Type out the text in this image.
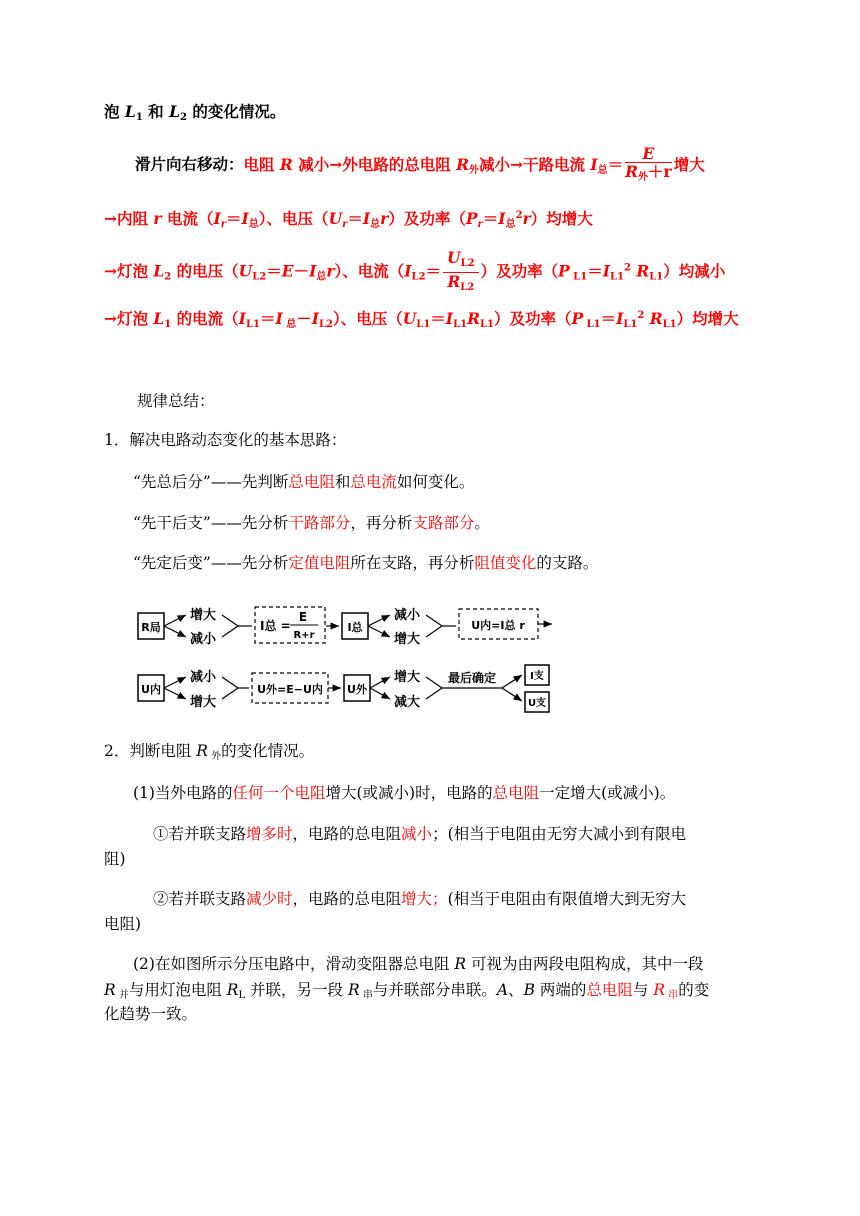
泡 $L_1$ 和 $L_2$ 的变化情况。
滑片向右移动：电阻 R 减小→外电路的总电阻 $R_外$减小→干路电流 $I_总= \frac{E}{R_外+r}$ 增大
→内阻 r 电流$(I_r=I_总)$、电压$(U_r=I_总r)$及功率$(P_r=I_总^2r)$均增大
→灯泡 $L_2$ 的电压$(U_{L2}=E-I_总r)$、电流（$I_{L2}= \frac{U_{L2}}{R_{L2}}$ ）及功率（P $_{L1}=I_{L1}^2$ $R_{L1}$）均减小
→灯泡 $L_1$ 的电流（$I_{L1}=I$ $_总-I_{L2}$）、电压$(U_{L1}=I_{L1}R_{L1})$及功率（P $_{L1}=I_{L1}^2$ $R_{L1}$）均增大
规律总结：
1．解决电路动态变化的基本思路：
“先总后分”——先判断总电阻和总电流如何变化。
“先干后支”——先分析干路部分，再分析支路部分。
“先定后变”——先分析定值电阻所在支路，再分析阻值变化的支路。
R局
增大
减小
I总 =
E
R+r
I总
减小
增大
U内=I总 r
U内
减小
增大
U外=E−U内 U外
增大
减大
最后确定	I支
U支
2．判断电阻 R $_外$的变化情况。
(1)当外电路的任何一个电阻增大(或减小)时，电路的总电阻一定增大(或减小)。
①若并联支路增多时，电路的总电阻减小；(相当于电阻由无穷大减小到有限电
阻)
②若并联支路减少时，电路的总电阻增大；(相当于电阻由有限值增大到无穷大
电阻)
(2)在如图所示分压电路中，滑动变阻器总电阻 R 可视为由两段电阻构成，其中一段
R $_并$与用灯泡电阻 $R_L$ 并联，另一段 R $_串$与并联部分串联。A、B 两端的总电阻与 R $_串$的变
化趋势一致。
